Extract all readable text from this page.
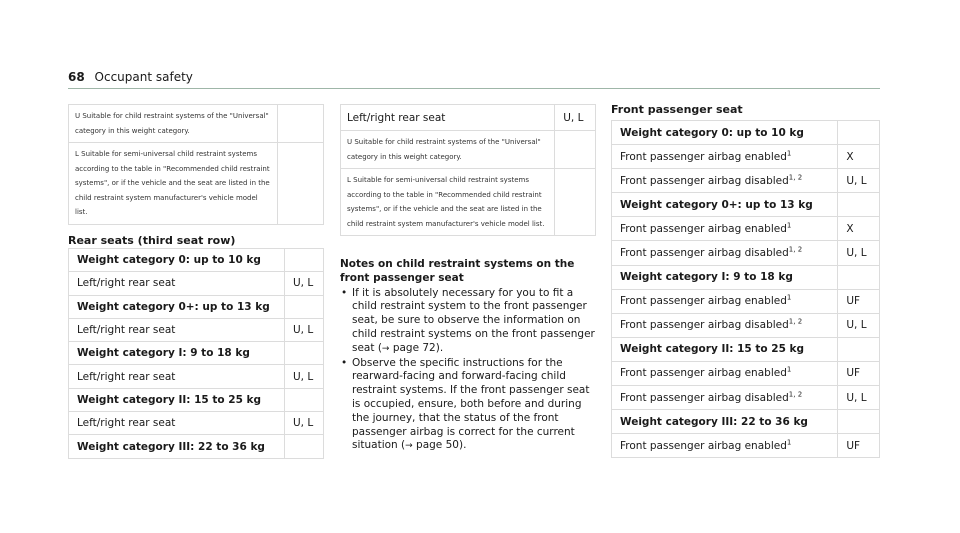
68 Occupant safety
U Suitable for child restraint systems of the "Universal" category in this weight category.	
L Suitable for semi-universal child restraint systems according to the table in "Recommended child restraint systems", or if the vehicle and the seat are listed in the child restraint system manufacturer's vehicle model list.	
Rear seats (third seat row)
Weight category 0: up to 10 kg	
Left/right rear seat	U, L
Weight category 0+: up to 13 kg	
Left/right rear seat	U, L
Weight category I: 9 to 18 kg	
Left/right rear seat	U, L
Weight category II: 15 to 25 kg	
Left/right rear seat	U, L
Weight category III: 22 to 36 kg	
Left/right rear seat	U, L
U Suitable for child restraint systems of the "Universal" category in this weight category.	
L Suitable for semi-universal child restraint systems according to the table in "Recommended child restraint systems", or if the vehicle and the seat are listed in the child restraint system manufacturer's vehicle model list.	
Notes on child restraint systems on the front passenger seat
• If it is absolutely necessary for you to fit a child restraint system to the front passenger seat, be sure to observe the information on child restraint systems on the front passenger seat (→ page 72).
• Observe the specific instructions for the rearward-facing and forward-facing child restraint systems. If the front passenger seat is occupied, ensure, both before and during the journey, that the status of the front passenger airbag is correct for the current situation (→ page 50).
Front passenger seat
Weight category 0: up to 10 kg	
Front passenger airbag enabled$^1$	X
Front passenger airbag disabled$^{1, 2}$	U, L
Weight category 0+: up to 13 kg	
Front passenger airbag enabled$^1$	X
Front passenger airbag disabled$^{1, 2}$	U, L
Weight category I: 9 to 18 kg	
Front passenger airbag enabled$^1$	UF
Front passenger airbag disabled$^{1, 2}$	U, L
Weight category II: 15 to 25 kg	
Front passenger airbag enabled$^1$	UF
Front passenger airbag disabled$^{1, 2}$	U, L
Weight category III: 22 to 36 kg	
Front passenger airbag enabled$^1$	UF
